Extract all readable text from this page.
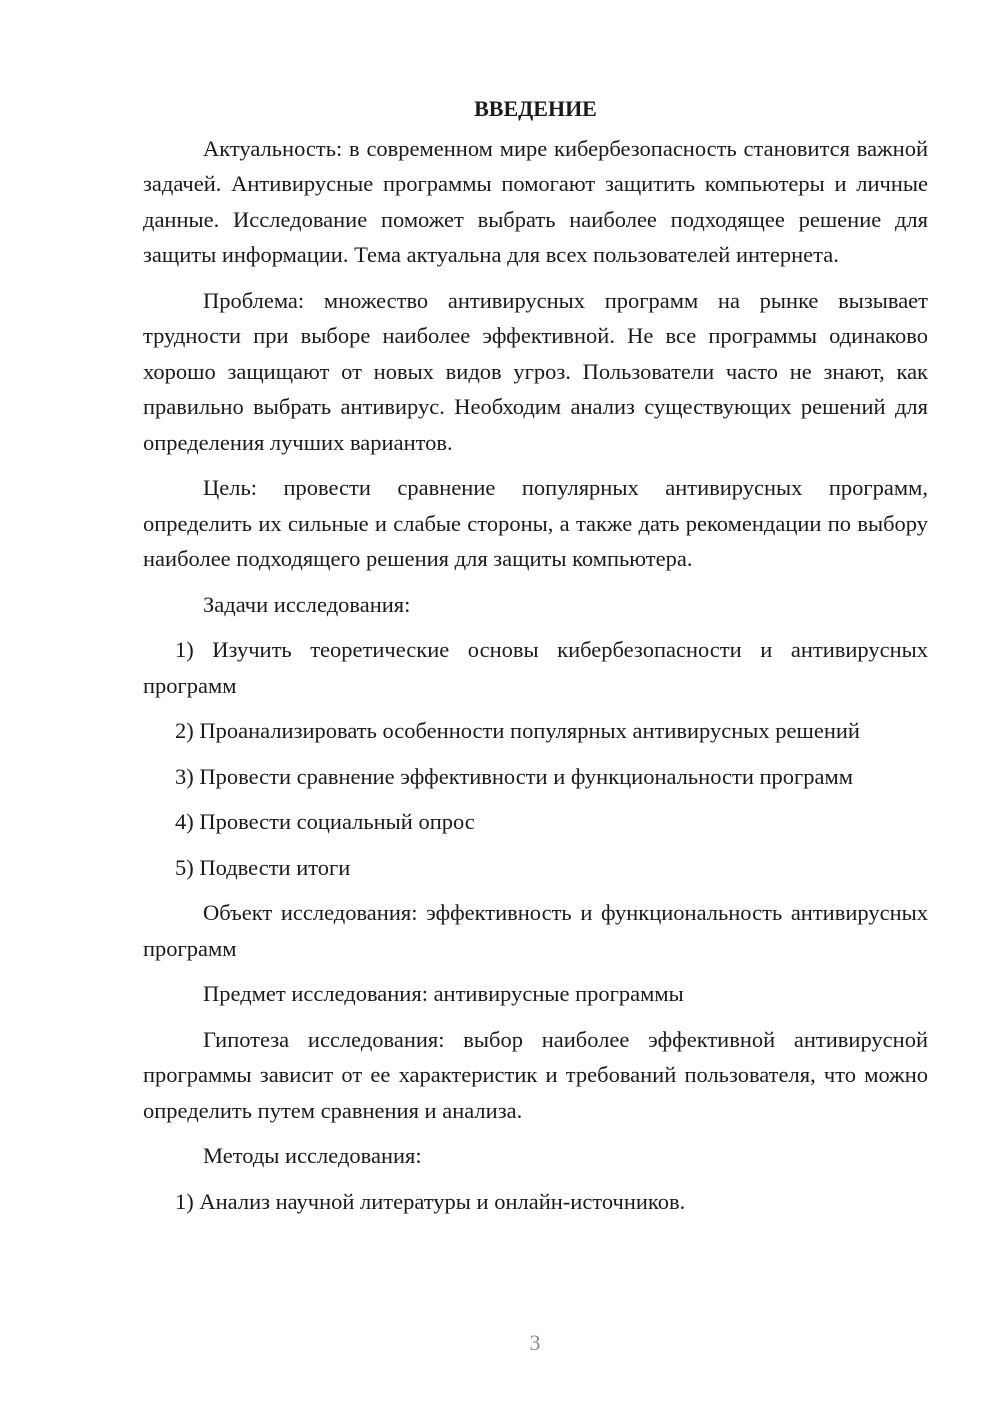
ВВЕДЕНИЕ

Актуальность: в современном мире кибербезопасность становится важной задачей. Антивирусные программы помогают защитить компьютеры и личные данные. Исследование поможет выбрать наиболее подходящее решение для защиты информации. Тема актуальна для всех пользователей интернета.

Проблема: множество антивирусных программ на рынке вызывает трудности при выборе наиболее эффективной. Не все программы одинаково хорошо защищают от новых видов угроз. Пользователи часто не знают, как правильно выбрать антивирус. Необходим анализ существующих решений для определения лучших вариантов.

Цель: провести сравнение популярных антивирусных программ, определить их сильные и слабые стороны, а также дать рекомендации по выбору наиболее подходящего решения для защиты компьютера.

Задачи исследования:

1) Изучить теоретические основы кибербезопасности и антивирусных программ

2) Проанализировать особенности популярных антивирусных решений

3) Провести сравнение эффективности и функциональности программ

4) Провести социальный опрос

5) Подвести итоги

Объект исследования: эффективность и функциональность антивирусных программ

Предмет исследования: антивирусные программы

Гипотеза исследования: выбор наиболее эффективной антивирусной программы зависит от ее характеристик и требований пользователя, что можно определить путем сравнения и анализа.

Методы исследования:

1) Анализ научной литературы и онлайн-источников.

3
